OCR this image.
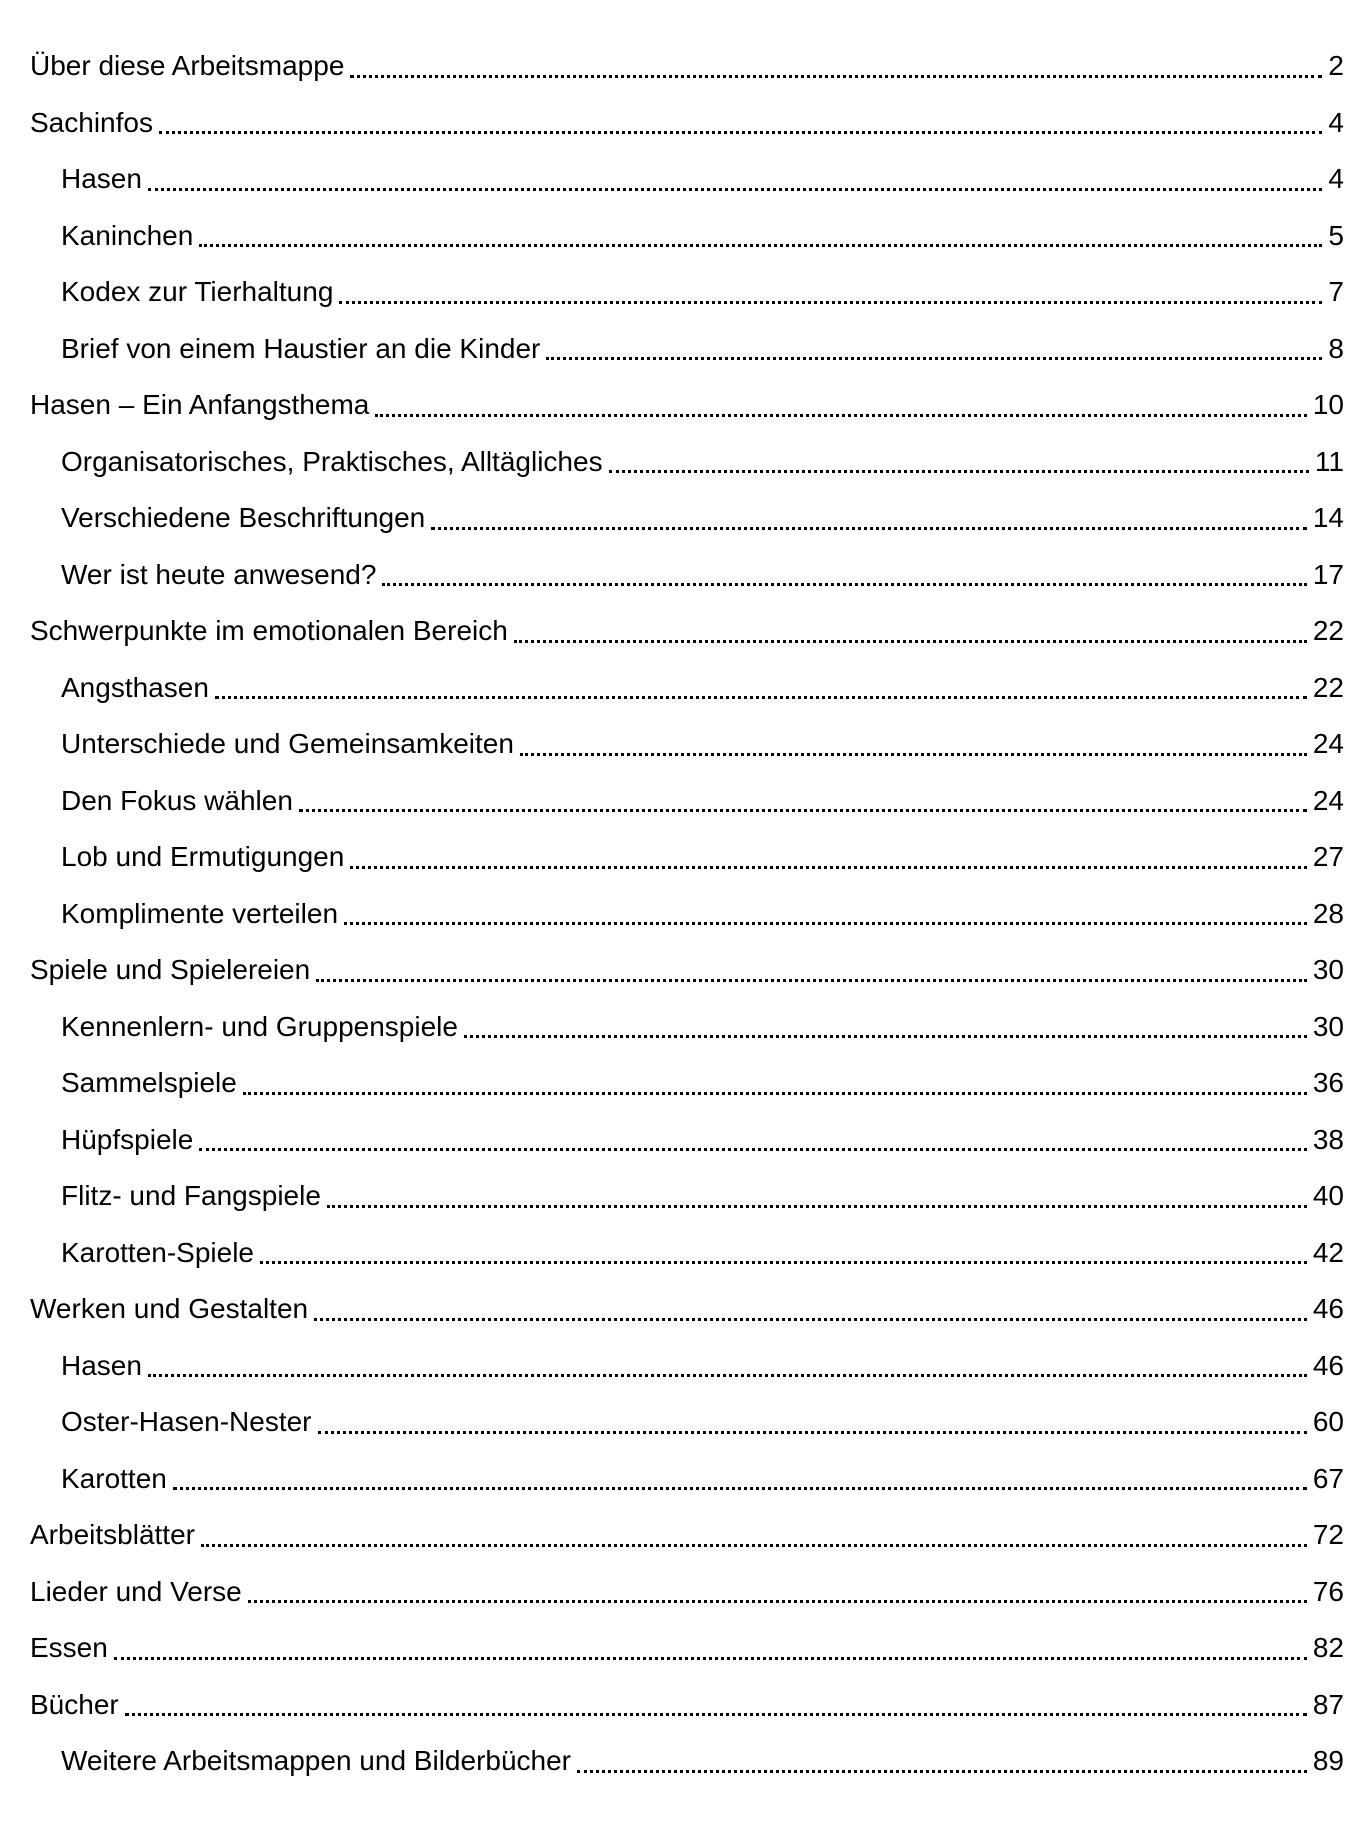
Über diese Arbeitsmappe	2
Sachinfos	4
Hasen	4
Kaninchen	5
Kodex zur Tierhaltung	7
Brief von einem Haustier an die Kinder	8
Hasen – Ein Anfangsthema	10
Organisatorisches, Praktisches, Alltägliches	11
Verschiedene Beschriftungen	14
Wer ist heute anwesend?	17
Schwerpunkte im emotionalen Bereich	22
Angsthasen	22
Unterschiede und Gemeinsamkeiten	24
Den Fokus wählen	24
Lob und Ermutigungen	27
Komplimente verteilen	28
Spiele und Spielereien	30
Kennenlern- und Gruppenspiele	30
Sammelspiele	36
Hüpfspiele	38
Flitz- und Fangspiele	40
Karotten-Spiele	42
Werken und Gestalten	46
Hasen	46
Oster-Hasen-Nester	60
Karotten	67
Arbeitsblätter	72
Lieder und Verse	76
Essen	82
Bücher	87
Weitere Arbeitsmappen und Bilderbücher	89
